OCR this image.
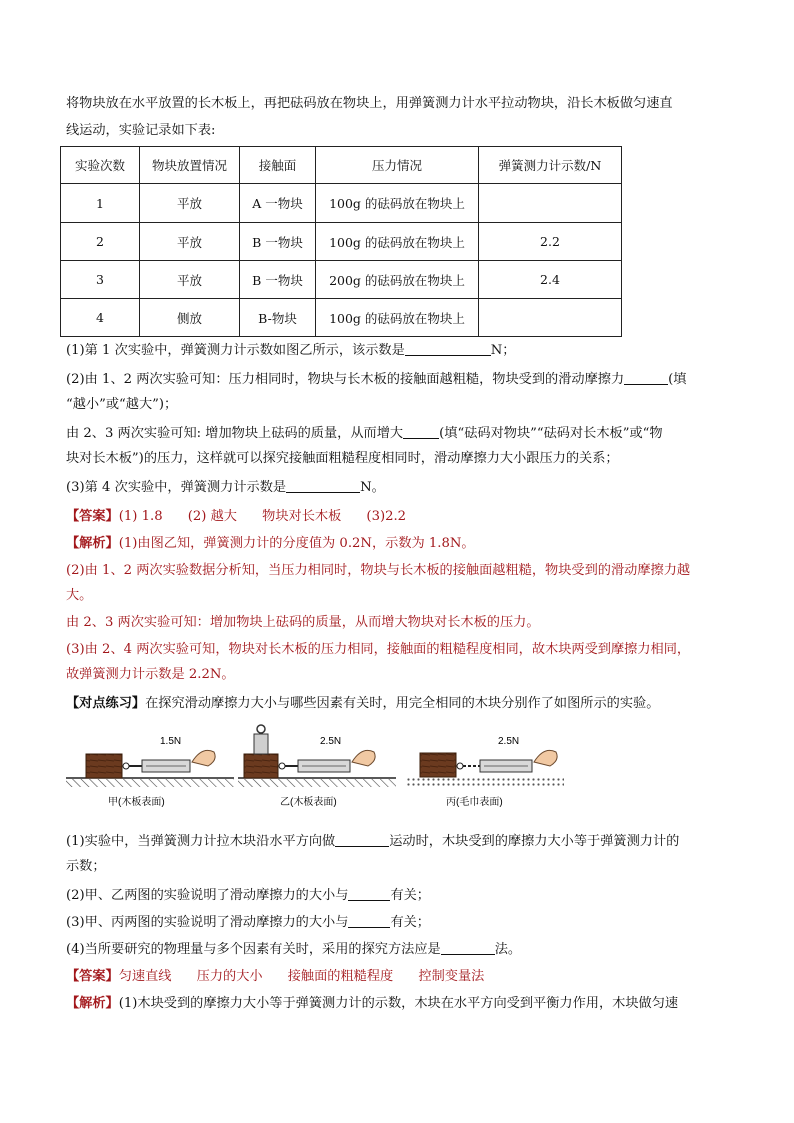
将物块放在水平放置的长木板上，再把砝码放在物块上，用弹簧测力计水平拉动物块，沿长木板做匀速直
线运动，实验记录如下表:
实验次数	物块放置情况	接触面	压力情况	弹簧测力计示数/N
1	平放	A 一物块	100g 的砝码放在物块上	
2	平放	B 一物块	100g 的砝码放在物块上	2.2
3	平放	B 一物块	200g 的砝码放在物块上	2.4
4	侧放	B-物块	100g 的砝码放在物块上	
(1)第 1 次实验中，弹簧测力计示数如图乙所示，该示数是	N；
(2)由 1、2 两次实验可知：压力相同时，物块与长木板的接触面越粗糙，物块受到的滑动摩擦力	(填
“越小”或“越大”)；
由 2、3 两次实验可知: 增加物块上砝码的质量，从而增大	(填“砝码对物块”“砝码对长木板”或“物
块对长木板”)的压力，这样就可以探究接触面粗糙程度相同时，滑动摩擦力大小跟压力的关系；
(3)第 4 次实验中，弹簧测力计示数是	N。
【答案】(1) 1.8      (2) 越大      物块对长木板      (3)2.2
【解析】(1)由图乙知，弹簧测力计的分度值为 0.2N，示数为 1.8N。
(2)由 1、2 两次实验数据分析知，当压力相同时，物块与长木板的接触面越粗糙，物块受到的滑动摩擦力越
大。
由 2、3 两次实验可知：增加物块上砝码的质量，从而增大物块对长木板的压力。
(3)由 2、4 两次实验可知，物块对长木板的压力相同，接触面的粗糙程度相同，故木块两受到摩擦力相同，
故弹簧测力计示数是 2.2N。
【对点练习】在探究滑动摩擦力大小与哪些因素有关时，用完全相同的木块分别作了如图所示的实验。
1.5N
甲(木板表面)
2.5N
乙(木板表面)
2.5N
丙(毛巾表面)
(1)实验中，当弹簧测力计拉木块沿水平方向做	运动时，木块受到的摩擦力大小等于弹簧测力计的
示数；
(2)甲、乙两图的实验说明了滑动摩擦力的大小与	有关；
(3)甲、丙两图的实验说明了滑动摩擦力的大小与	有关；
(4)当所要研究的物理量与多个因素有关时，采用的探究方法应是	法。
【答案】匀速直线      压力的大小      接触面的粗糙程度      控制变量法
【解析】(1)木块受到的摩擦力大小等于弹簧测力计的示数，木块在水平方向受到平衡力作用，木块做匀速
